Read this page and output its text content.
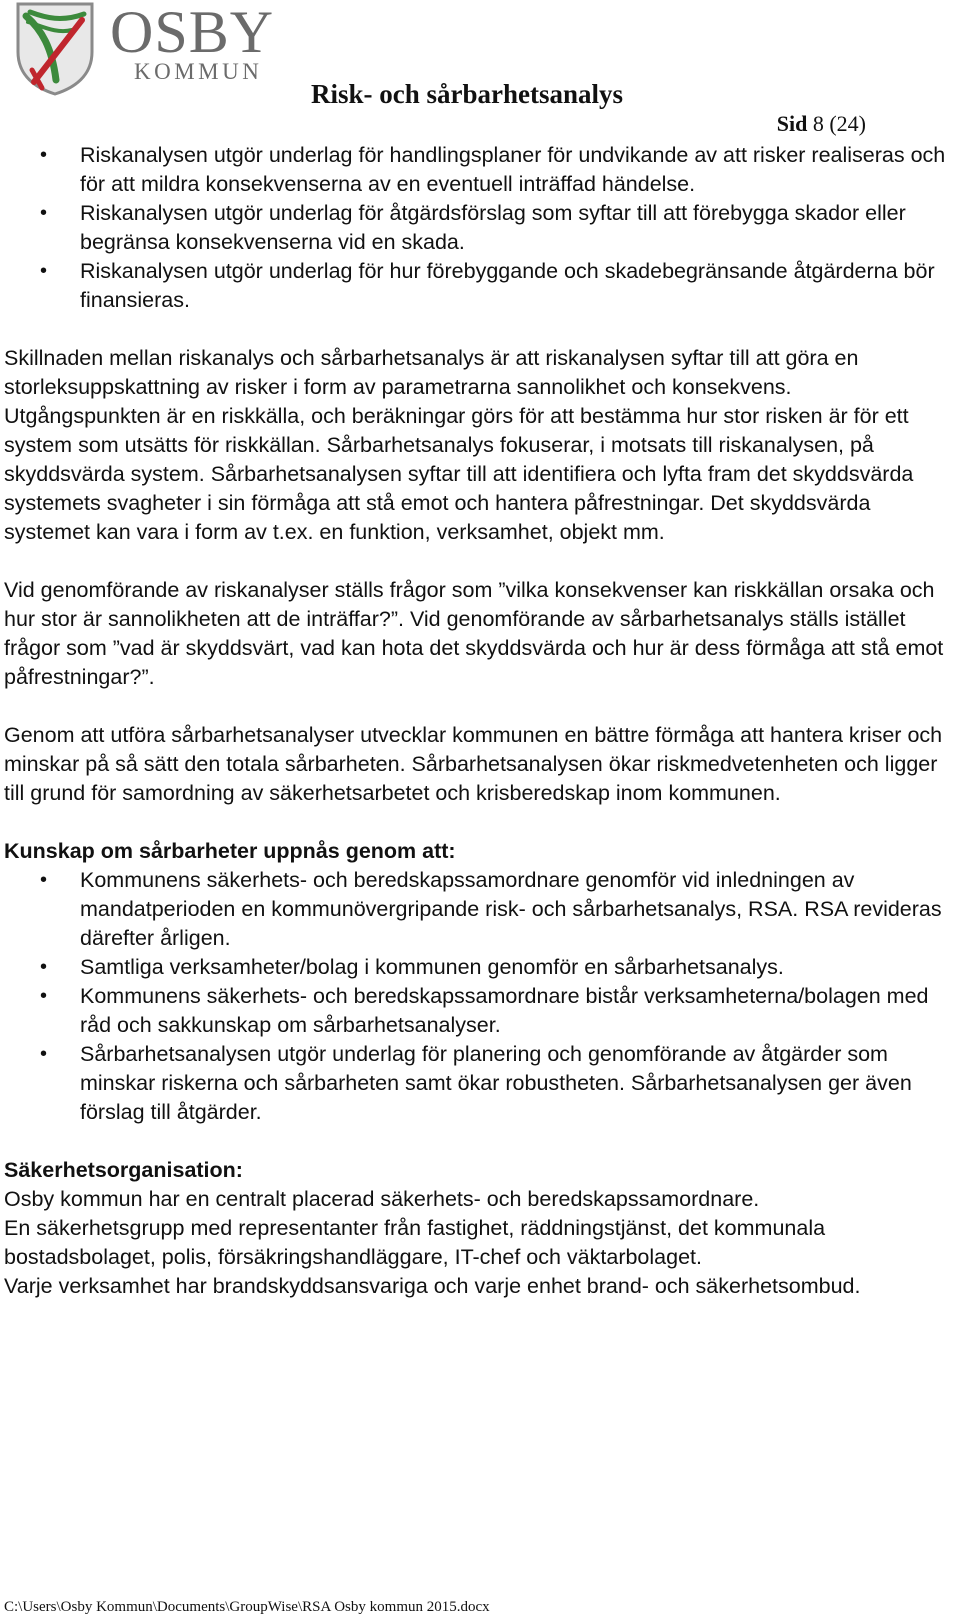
OSBY
KOMMUN
Risk- och sårbarhetsanalys
Sid 8 (24)
• Riskanalysen utgör underlag för handlingsplaner för undvikande av att risker realiseras och för att mildra konsekvenserna av en eventuell inträffad händelse.
• Riskanalysen utgör underlag för åtgärdsförslag som syftar till att förebygga skador eller begränsa konsekvenserna vid en skada.
• Riskanalysen utgör underlag för hur förebyggande och skadebegränsande åtgärderna bör finansieras.

Skillnaden mellan riskanalys och sårbarhetsanalys är att riskanalysen syftar till att göra en storleksuppskattning av risker i form av parametrarna sannolikhet och konsekvens. Utgångspunkten är en riskkälla, och beräkningar görs för att bestämma hur stor risken är för ett system som utsätts för riskkällan. Sårbarhetsanalys fokuserar, i motsats till riskanalysen, på skyddsvärda system. Sårbarhetsanalysen syftar till att identifiera och lyfta fram det skyddsvärda systemets svagheter i sin förmåga att stå emot och hantera påfrestningar. Det skyddsvärda systemet kan vara i form av t.ex. en funktion, verksamhet, objekt mm.

Vid genomförande av riskanalyser ställs frågor som ”vilka konsekvenser kan riskkällan orsaka och hur stor är sannolikheten att de inträffar?”. Vid genomförande av sårbarhetsanalys ställs istället frågor som ”vad är skyddsvärt, vad kan hota det skyddsvärda och hur är dess förmåga att stå emot påfrestningar?”.

Genom att utföra sårbarhetsanalyser utvecklar kommunen en bättre förmåga att hantera kriser och minskar på så sätt den totala sårbarheten. Sårbarhetsanalysen ökar riskmedvetenheten och ligger till grund för samordning av säkerhetsarbetet och krisberedskap inom kommunen.

Kunskap om sårbarheter uppnås genom att:

• Kommunens säkerhets- och beredskapssamordnare genomför vid inledningen av mandatperioden en kommunövergripande risk- och sårbarhetsanalys, RSA. RSA revideras därefter årligen.
• Samtliga verksamheter/bolag i kommunen genomför en sårbarhetsanalys.
• Kommunens säkerhets- och beredskapssamordnare bistår verksamheterna/bolagen med råd och sakkunskap om sårbarhetsanalyser.
• Sårbarhetsanalysen utgör underlag för planering och genomförande av åtgärder som minskar riskerna och sårbarheten samt ökar robustheten. Sårbarhetsanalysen ger även förslag till åtgärder.

Säkerhetsorganisation:

Osby kommun har en centralt placerad säkerhets- och beredskapssamordnare.

En säkerhetsgrupp med representanter från fastighet, räddningstjänst, det kommunala bostadsbolaget, polis, försäkringshandläggare, IT-chef och väktarbolaget.

Varje verksamhet har brandskyddsansvariga och varje enhet brand- och säkerhetsombud.

C:\Users\Osby Kommun\Documents\GroupWise\RSA Osby kommun 2015.docx
